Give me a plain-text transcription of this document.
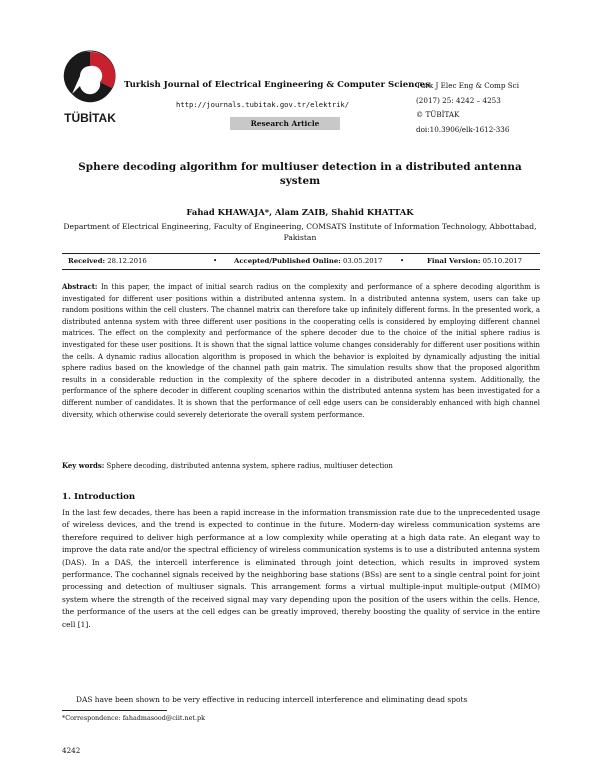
TÜBİTAK
Turkish Journal of Electrical Engineering & Computer Sciences
http://journals.tubitak.gov.tr/elektrik/
Research Article
Turk J Elec Eng & Comp Sci
(2017) 25: 4242 – 4253
© TÜBİTAK
doi:10.3906/elk-1612-336
Sphere decoding algorithm for multiuser detection in a distributed antenna system
Fahad KHAWAJA*, Alam ZAIB, Shahid KHATTAK
Department of Electrical Engineering, Faculty of Engineering, COMSATS Institute of Information Technology, Abbottabad, Pakistan
Received: 28.12.2016	• Accepted/Published Online: 03.05.2017	•	Final Version: 05.10.2017
Abstract: In this paper, the impact of initial search radius on the complexity and performance of a sphere decoding algorithm is investigated for different user positions within a distributed antenna system. In a distributed antenna system, users can take up random positions within the cell clusters. The channel matrix can therefore take up infinitely different forms. In the presented work, a distributed antenna system with three different user positions in the cooperating cells is considered by employing different channel matrices. The effect on the complexity and performance of the sphere decoder due to the choice of the initial sphere radius is investigated for these user positions. It is shown that the signal lattice volume changes considerably for different user positions within the cells. A dynamic radius allocation algorithm is proposed in which the behavior is exploited by dynamically adjusting the initial sphere radius based on the knowledge of the channel path gain matrix. The simulation results show that the proposed algorithm results in a considerable reduction in the complexity of the sphere decoder in a distributed antenna system. Additionally, the performance of the sphere decoder in different coupling scenarios within the distributed antenna system has been investigated for a different number of candidates. It is shown that the performance of cell edge users can be considerably enhanced with high channel diversity, which otherwise could severely deteriorate the overall system performance.
Key words: Sphere decoding, distributed antenna system, sphere radius, multiuser detection
1. Introduction
In the last few decades, there has been a rapid increase in the information transmission rate due to the unprecedented usage of wireless devices, and the trend is expected to continue in the future. Modern-day wireless communication systems are therefore required to deliver high performance at a low complexity while operating at a high data rate. An elegant way to improve the data rate and/or the spectral efficiency of wireless communication systems is to use a distributed antenna system (DAS). In a DAS, the intercell interference is eliminated through joint detection, which results in improved system performance. The cochannel signals received by the neighboring base stations (BSs) are sent to a single central point for joint processing and detection of multiuser signals. This arrangement forms a virtual multiple-input multiple-output (MIMO) system where the strength of the received signal may vary depending upon the position of the users within the cells. Hence, the performance of the users at the cell edges can be greatly improved, thereby boosting the quality of service in the entire cell [1].
DAS have been shown to be very effective in reducing intercell interference and eliminating dead spots
*Correspondence: fahadmasood@ciit.net.pk
4242
